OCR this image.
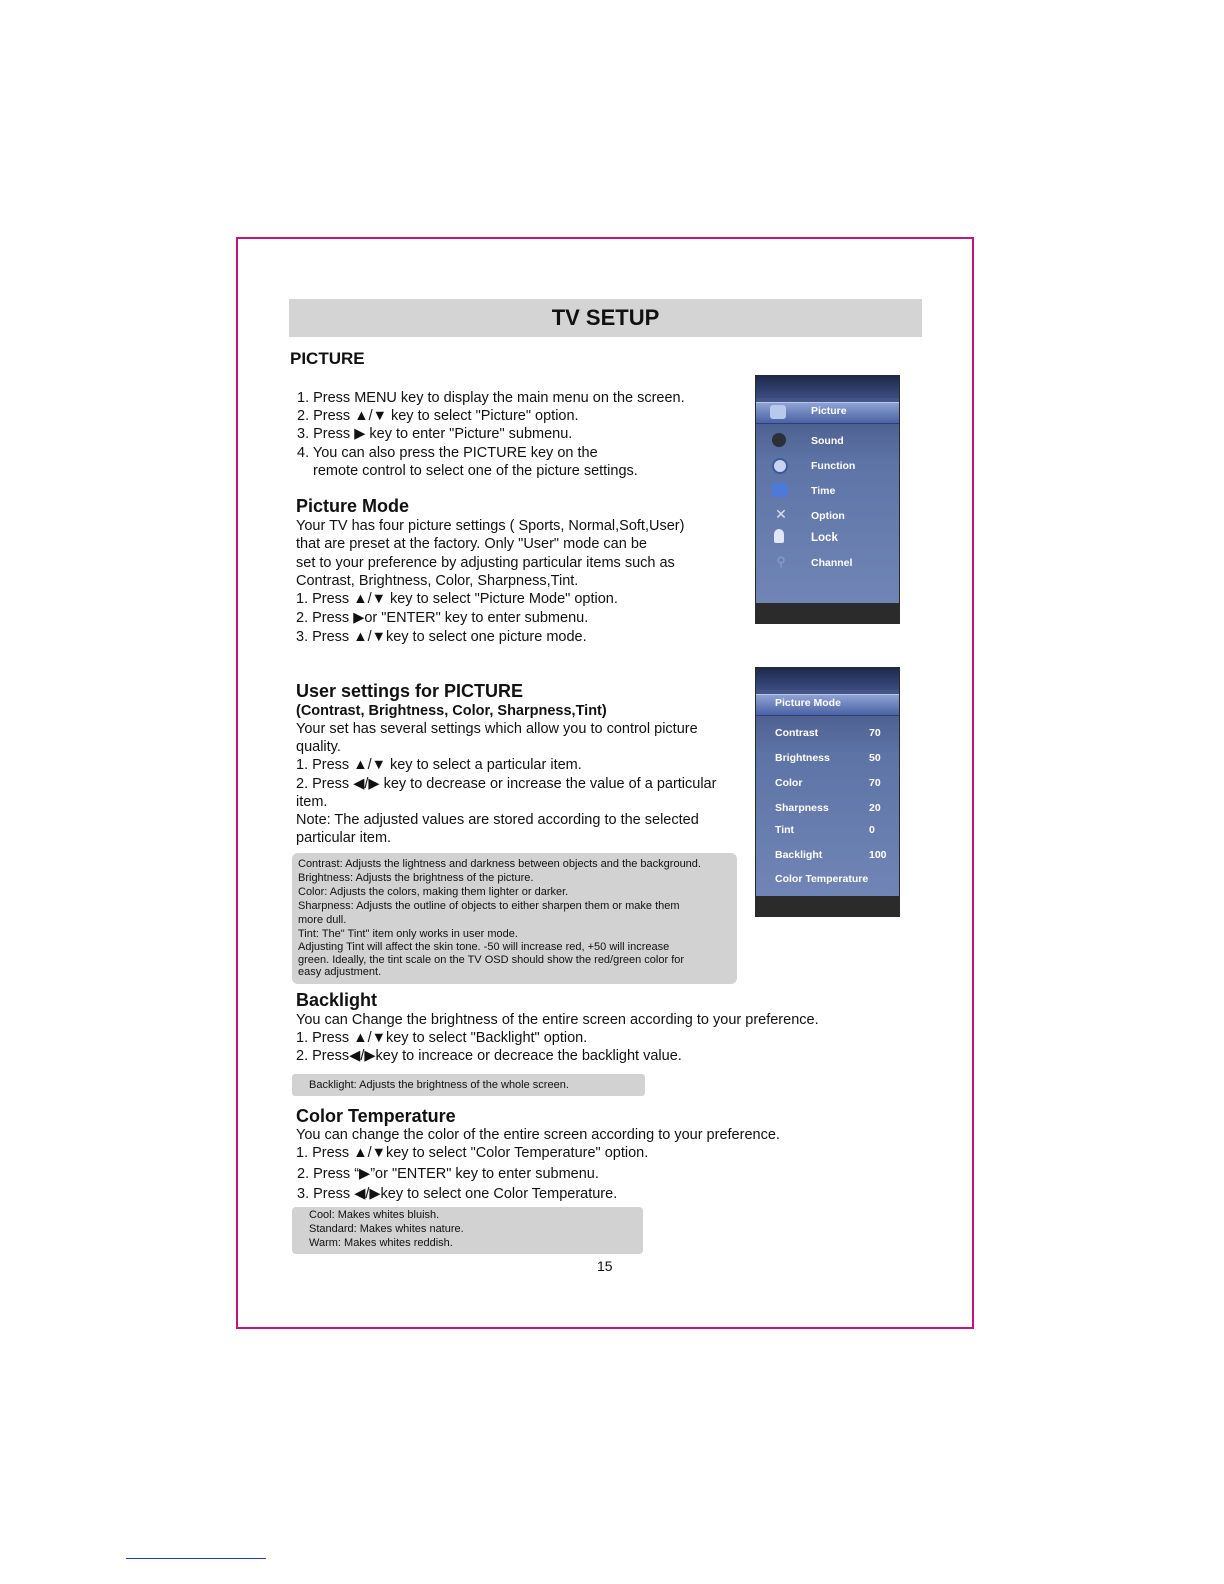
TV SETUP
PICTURE
1. Press MENU key to display the main menu on the screen.
2. Press ▲/▼ key to select "Picture" option.
3. Press ▶ key to enter "Picture" submenu.
4. You can also press the PICTURE key on the
remote control to select one of the picture settings.
Picture Mode
Your TV has four picture settings ( Sports, Normal,Soft,User)
that are preset at the factory. Only "User" mode can be
set to your preference by adjusting particular items such as
Contrast, Brightness, Color, Sharpness,Tint.
1. Press ▲/▼ key to select "Picture Mode" option.
2. Press ▶or "ENTER" key to enter submenu.
3. Press ▲/▼key to select one picture mode.
User settings for PICTURE
(Contrast, Brightness, Color, Sharpness,Tint)
Your set has several settings which allow you to control picture
quality.
1. Press ▲/▼ key to select a particular item.
2. Press ◀/▶ key to decrease or increase the value of a particular
item.
Note: The adjusted values are stored according to the selected
particular item.
Contrast: Adjusts the lightness and darkness between objects and the background.
Brightness: Adjusts the brightness of the picture.
Color: Adjusts the colors, making them lighter or darker.
Sharpness: Adjusts the outline of objects to either sharpen them or make them
more dull.
Tint: The" Tint" item only works in user mode.
Adjusting Tint will affect the skin tone. -50 will increase red, +50 will increase
green. Ideally, the tint scale on the TV OSD should show the red/green color for
easy adjustment.
Backlight
You can Change the brightness of the entire screen according to your preference.
1. Press ▲/▼key to select "Backlight" option.
2. Press◀/▶key to increace or decreace the backlight value.
Backlight: Adjusts the brightness of the whole screen.
Color Temperature
You can change the color of the entire screen according to your preference.
1. Press ▲/▼key to select "Color Temperature" option.
2. Press “▶”or "ENTER" key to enter submenu.
3. Press ◀/▶key to select one Color Temperature.
Cool: Makes whites bluish.
Standard: Makes whites nature.
Warm: Makes whites reddish.
Picture
Sound
Function
Time
✕ Option
Lock
⚲	Channel
Picture Mode
Contrast	70
Brightness	50
Color	70
Sharpness	20
Tint	0
Backlight	100
Color Temperature
15
